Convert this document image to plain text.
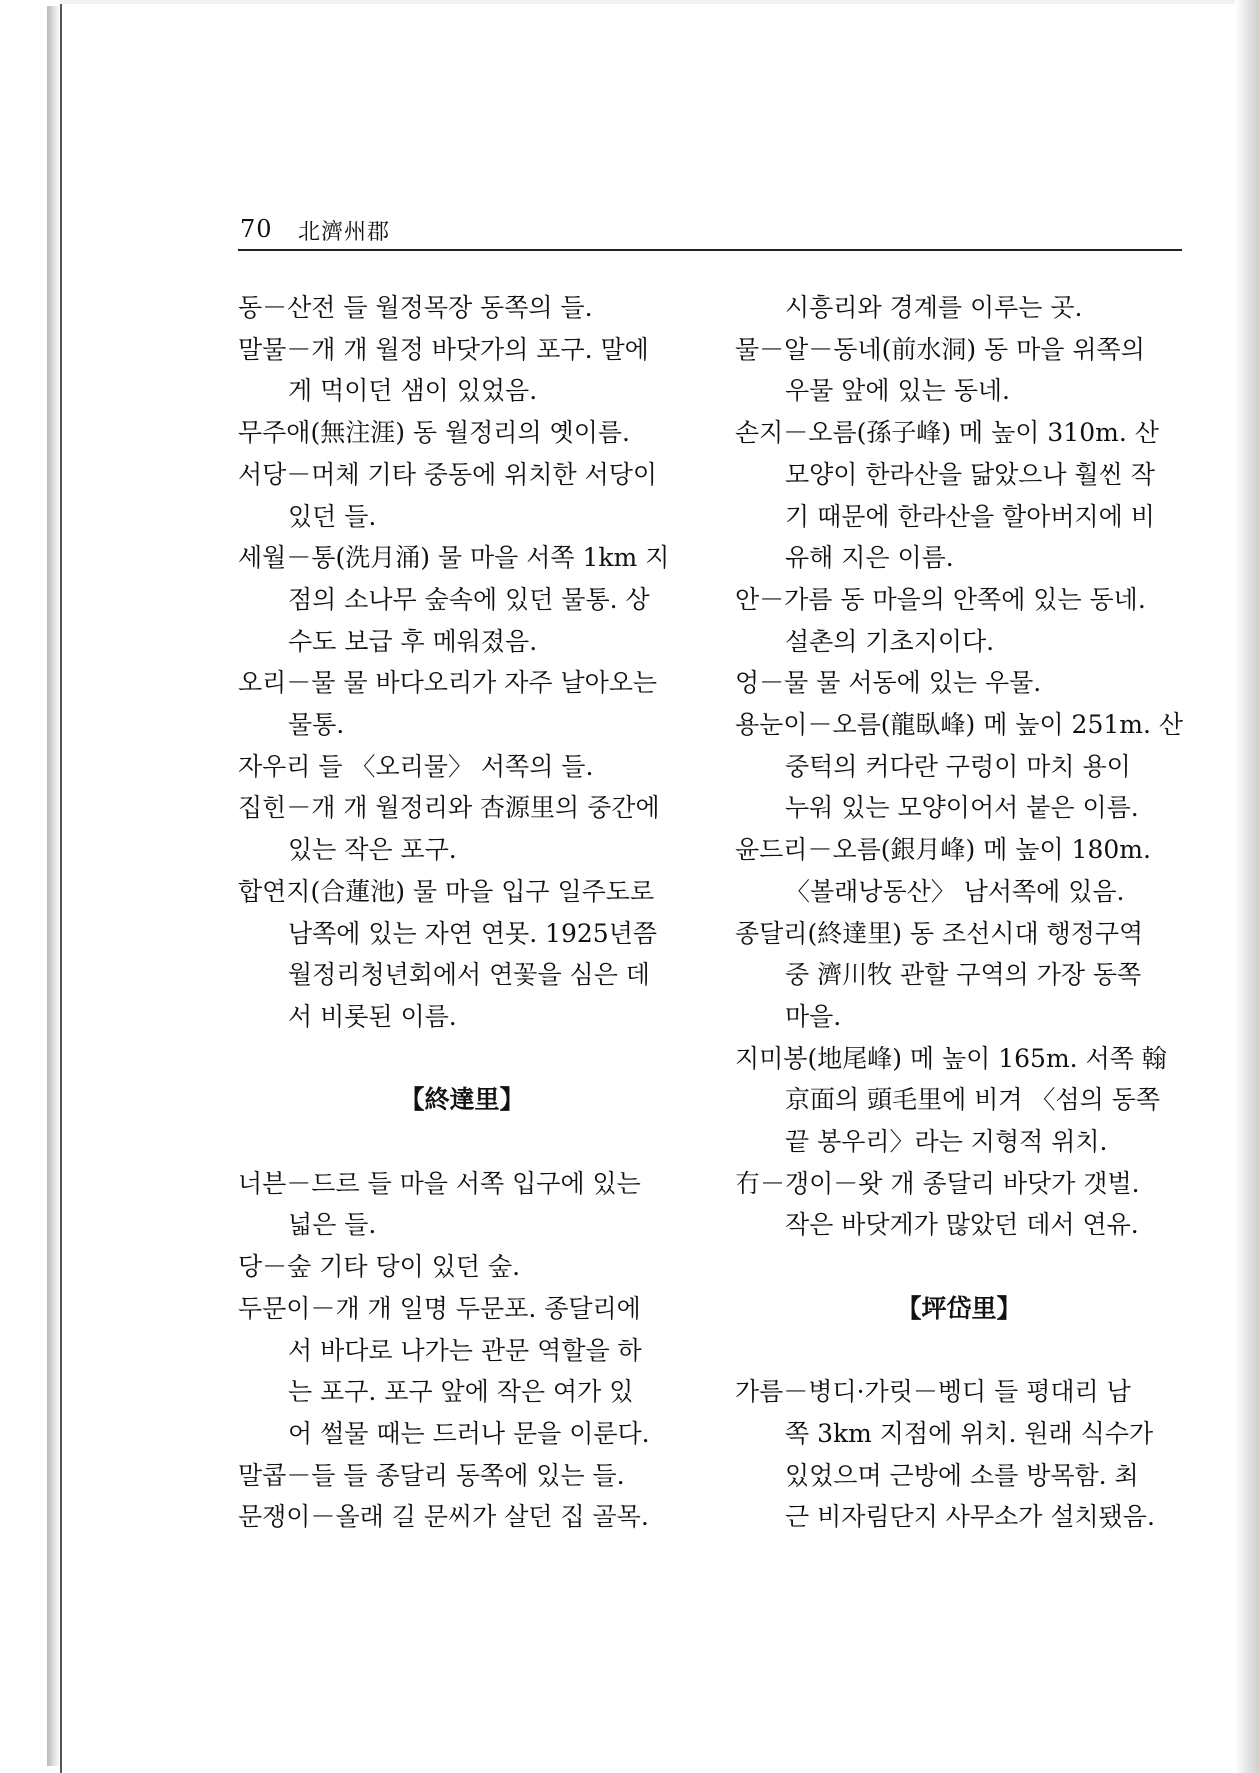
70 北濟州郡
동－산전 들 월정목장 동쪽의 들.
말물－개 개 월정 바닷가의 포구. 말에
게 먹이던 샘이 있었음.
무주애(無注涯) 동 월정리의 옛이름.
서당－머체 기타 중동에 위치한 서당이
있던 들.
세월－통(洗月涌) 물 마을 서쪽 1km 지
점의 소나무 숲속에 있던 물통. 상
수도 보급 후 메워졌음.
오리－물 물 바다오리가 자주 날아오는
물통.
자우리 들 〈오리물〉 서쪽의 들.
집힌－개 개 월정리와 杏源里의 중간에
있는 작은 포구.
합연지(合蓮池) 물 마을 입구 일주도로
남쪽에 있는 자연 연못. 1925년쯤
월정리청년회에서 연꽃을 심은 데
서 비롯된 이름.
【終達里】
너븐－드르 들 마을 서쪽 입구에 있는
넓은 들.
당－숲 기타 당이 있던 숲.
두문이－개 개 일명 두문포. 종달리에
서 바다로 나가는 관문 역할을 하
는 포구. 포구 앞에 작은 여가 있
어 썰물 때는 드러나 문을 이룬다.
말콥－들 들 종달리 동쪽에 있는 들.
문쟁이－올래 길 문씨가 살던 집 골목.
시흥리와 경계를 이루는 곳.
물－알－동네(前水洞) 동 마을 위쪽의
우물 앞에 있는 동네.
손지－오름(孫子峰) 메 높이 310m. 산
모양이 한라산을 닮았으나 훨씬 작
기 때문에 한라산을 할아버지에 비
유해 지은 이름.
안－가름 동 마을의 안쪽에 있는 동네.
설촌의 기초지이다.
엉－물 물 서동에 있는 우물.
용눈이－오름(龍臥峰) 메 높이 251m. 산
중턱의 커다란 구렁이 마치 용이
누워 있는 모양이어서 붙은 이름.
윤드리－오름(銀月峰) 메 높이 180m.
〈볼래낭동산〉 남서쪽에 있음.
종달리(終達里) 동 조선시대 행정구역
중 濟川牧 관할 구역의 가장 동쪽
마을.
지미봉(地尾峰) 메 높이 165m. 서쪽 翰
京面의 頭毛里에 비겨 〈섬의 동쪽
끝 봉우리〉라는 지형적 위치.
冇－갱이－왓 개 종달리 바닷가 갯벌.
작은 바닷게가 많았던 데서 연유.
【坪岱里】
가름－병디·가릿－벵디 들 평대리 남
쪽 3km 지점에 위치. 원래 식수가
있었으며 근방에 소를 방목함. 최
근 비자림단지 사무소가 설치됐음.
